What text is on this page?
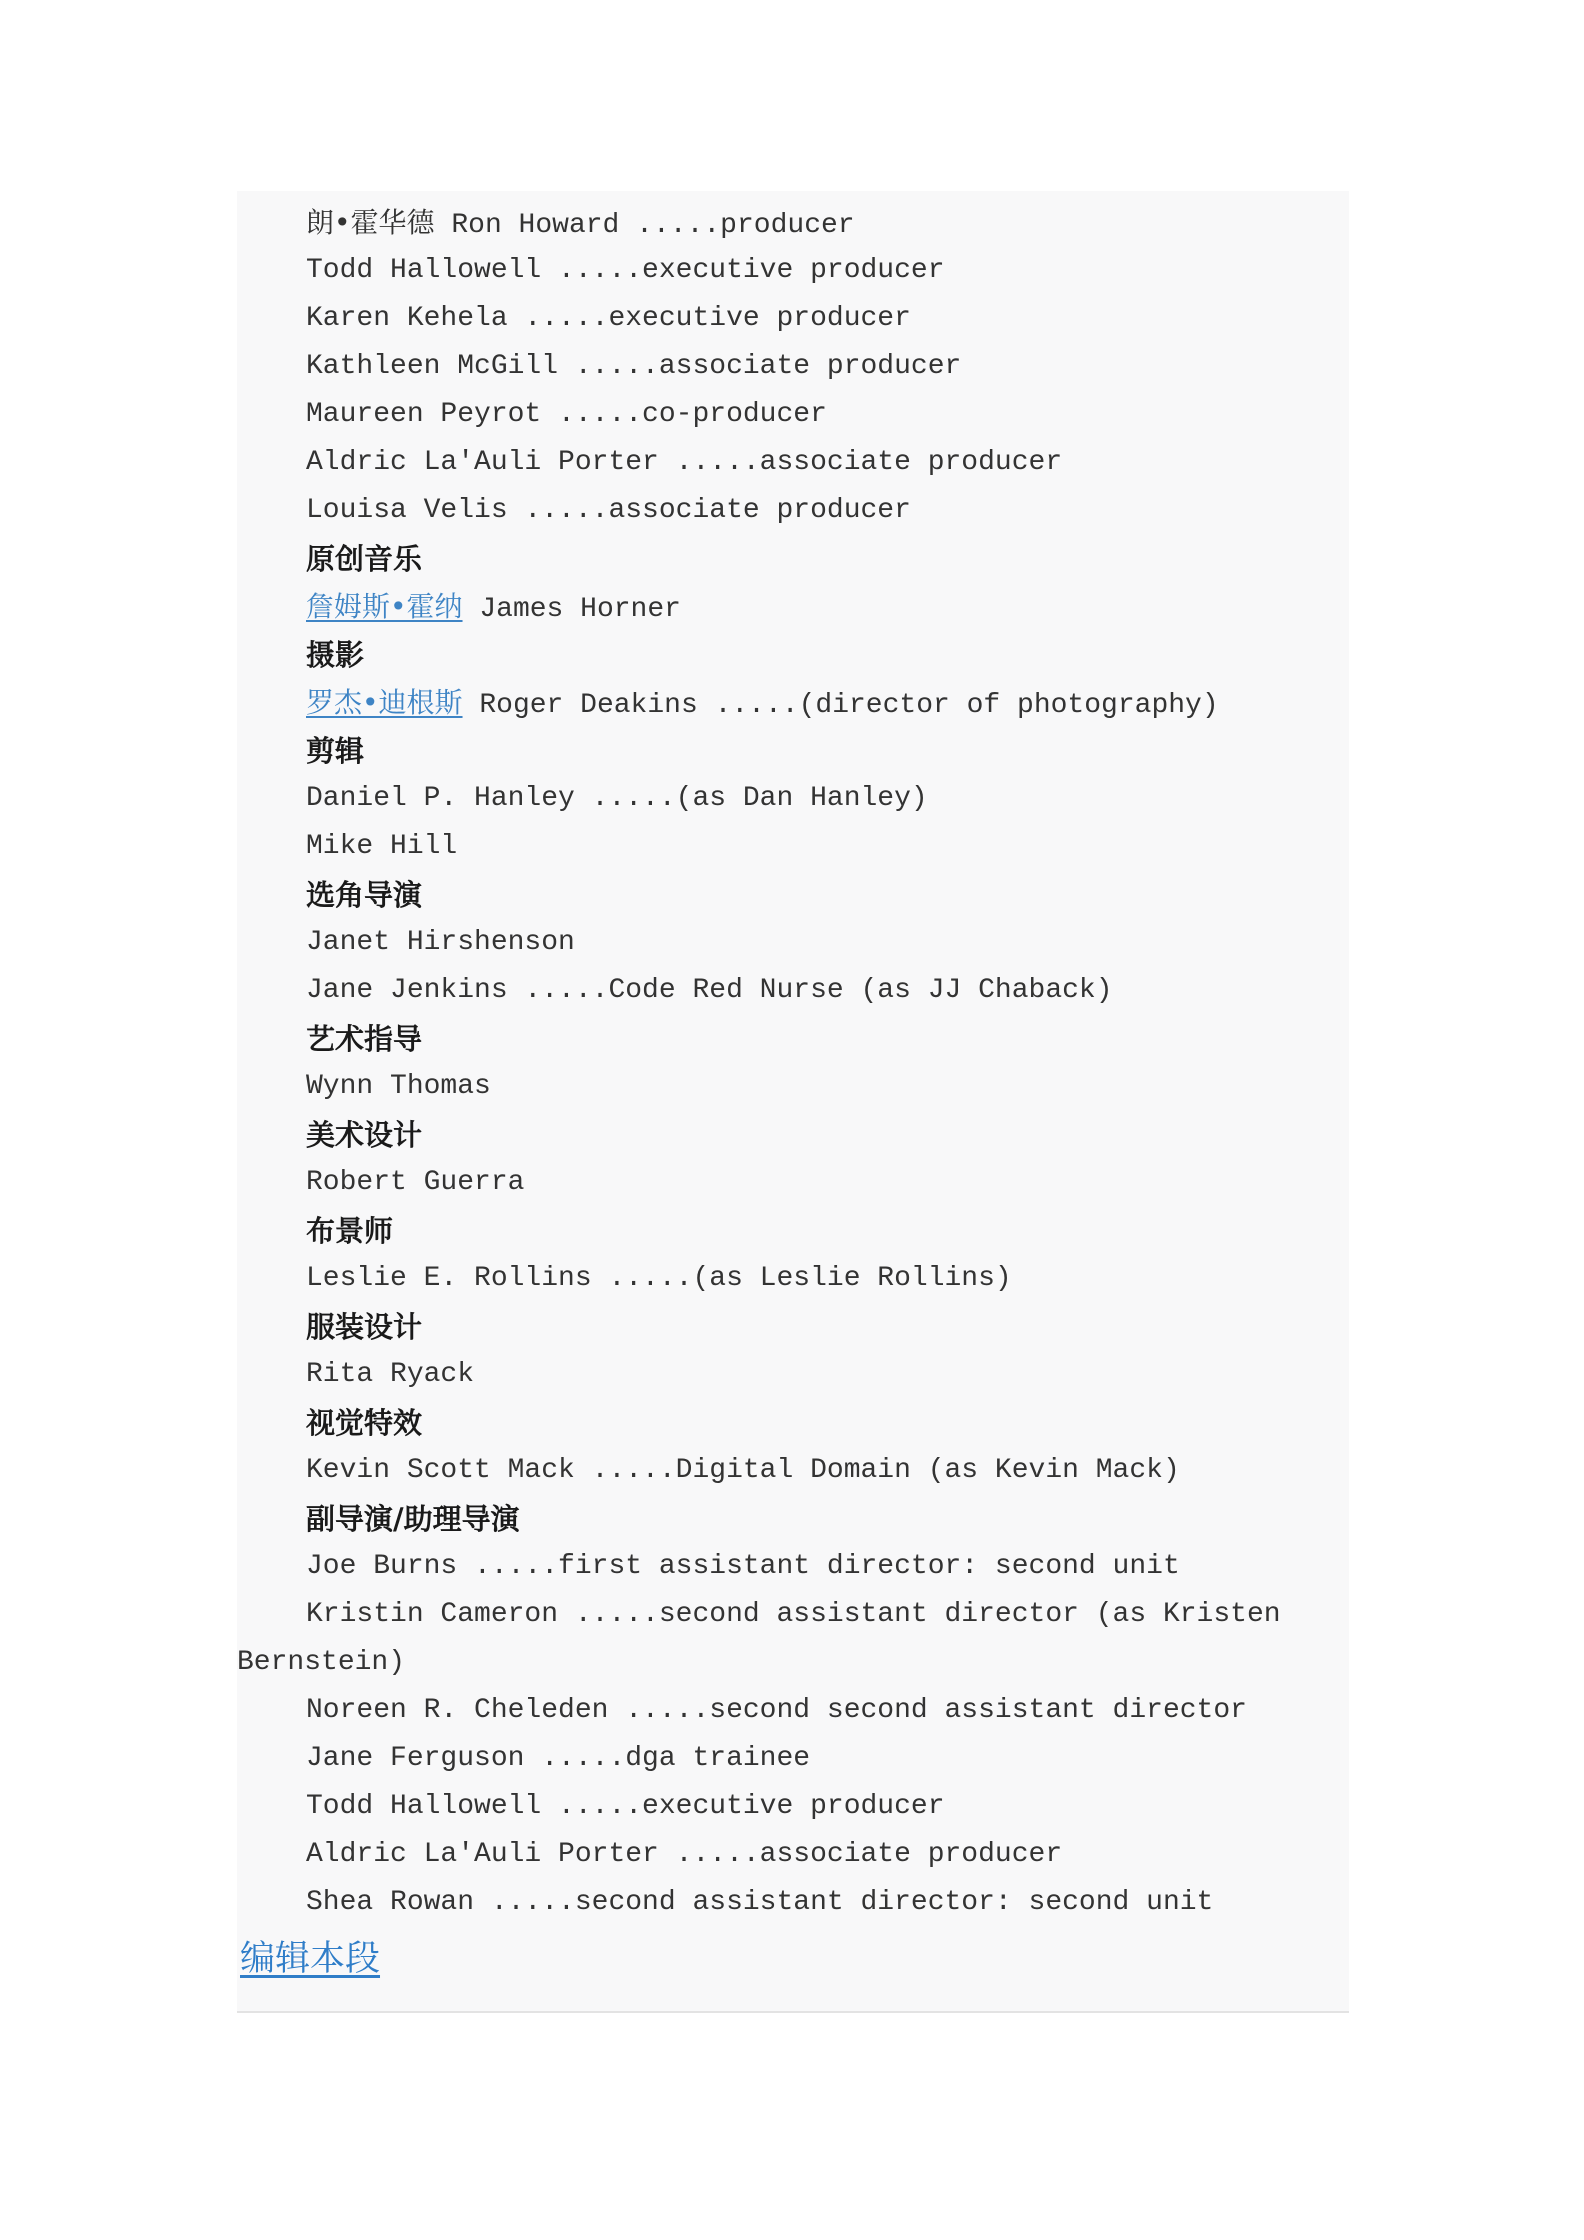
朗•霍华德 Ron Howard .....producer
Todd Hallowell .....executive producer
Karen Kehela .....executive producer
Kathleen McGill .....associate producer
Maureen Peyrot .....co-producer
Aldric La'Auli Porter .....associate producer
Louisa Velis .....associate producer
原创音乐
詹姆斯•霍纳 James Horner
摄影
罗杰•迪根斯 Roger Deakins .....(director of photography)
剪辑
Daniel P. Hanley .....(as Dan Hanley)
Mike Hill
选角导演
Janet Hirshenson
Jane Jenkins .....Code Red Nurse (as JJ Chaback)
艺术指导
Wynn Thomas
美术设计
Robert Guerra
布景师
Leslie E. Rollins .....(as Leslie Rollins)
服装设计
Rita Ryack
视觉特效
Kevin Scott Mack .....Digital Domain (as Kevin Mack)
副导演/助理导演
Joe Burns .....first assistant director: second unit
Kristin Cameron .....second assistant director (as Kristen Bernstein)
Noreen R. Cheleden .....second second assistant director
Jane Ferguson .....dga trainee
Todd Hallowell .....executive producer
Aldric La'Auli Porter .....associate producer
Shea Rowan .....second assistant director: second unit
编辑本段
